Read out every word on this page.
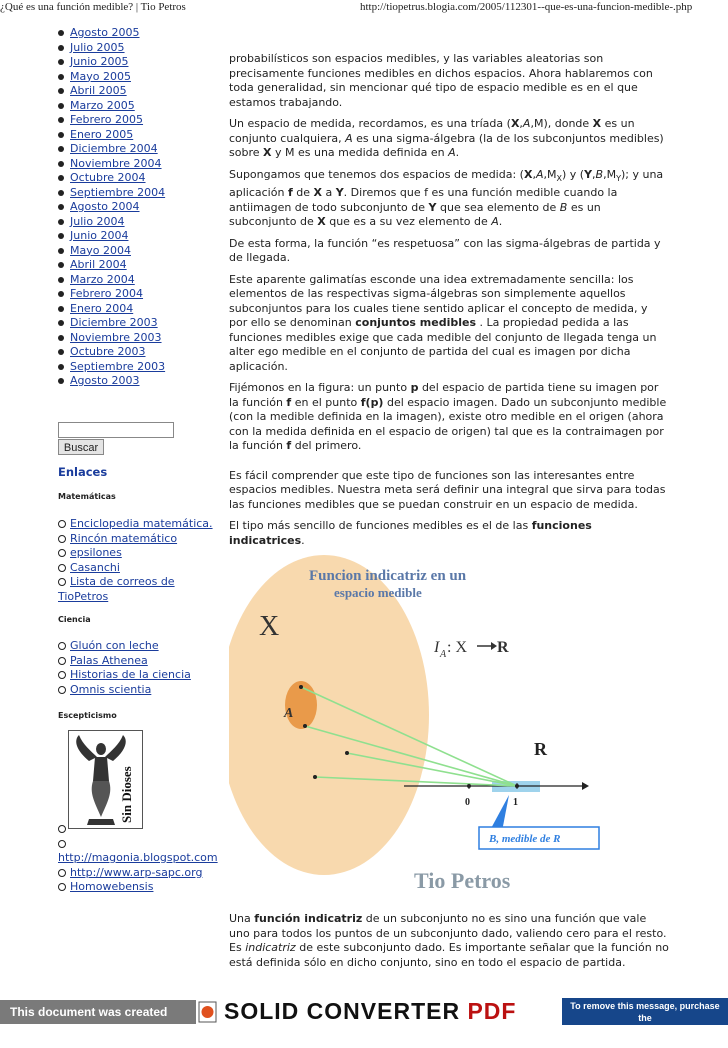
¿Qué es una función medible? | Tio Petros	http://tiopetrus.blogia.com/2005/112301--que-es-una-funcion-medible-.php
Agosto 2005
Julio 2005
Junio 2005
Mayo 2005
Abril 2005
Marzo 2005
Febrero 2005
Enero 2005
Diciembre 2004
Noviembre 2004
Octubre 2004
Septiembre 2004
Agosto 2004
Julio 2004
Junio 2004
Mayo 2004
Abril 2004
Marzo 2004
Febrero 2004
Enero 2004
Diciembre 2003
Noviembre 2003
Octubre 2003
Septiembre 2003
Agosto 2003
Buscar
Enlaces
Matemáticas
Enciclopedia matemática.
Rincón matemático
epsilones
Casanchi
Lista de correos de
TioPetros
Ciencia
Gluón con leche
Palas Athenea
Historias de la ciencia
Omnis scientia
Escepticismo
Sin Dioses
http://magonia.blogspot.com
http://www.arp-sapc.org
Homowebensis

probabilísticos son espacios medibles, y las variables aleatorias son precisamente funciones medibles en dichos espacios. Ahora hablaremos con toda generalidad, sin mencionar qué tipo de espacio medible es en el que estamos trabajando.

Un espacio de medida, recordamos, es una tríada (X,A,M), donde X es un conjunto cualquiera, A es una sigma-álgebra (la de los subconjuntos medibles) sobre X y M es una medida definida en A.

Supongamos que tenemos dos espacios de medida: $(X,A,M_X)$ y $(Y,B,M_Y)$; y una aplicación f de X a Y. Diremos que f es una función medible cuando la antiimagen de todo subconjunto de Y que sea elemento de B es un subconjunto de X que es a su vez elemento de A.

De esta forma, la función “es respetuosa” con las sigma-álgebras de partida y de llegada.

Este aparente galimatías esconde una idea extremadamente sencilla: los elementos de las respectivas sigma-álgebras son simplemente aquellos subconjuntos para los cuales tiene sentido aplicar el concepto de medida, y por ello se denominan conjuntos medibles . La propiedad pedida a las funciones medibles exige que cada medible del conjunto de llegada tenga un alter ego medible en el conjunto de partida del cual es imagen por dicha aplicación.

Fijémonos en la figura: un punto p del espacio de partida tiene su imagen por la función f en el punto f(p) del espacio imagen. Dado un subconjunto medible (con la medible definida en la imagen), existe otro medible en el origen (ahora con la medida definida en el espacio de origen) tal que es la contraimagen por la función f del primero.

Es fácil comprender que este tipo de funciones son las interesantes entre espacios medibles. Nuestra meta será definir una integral que sirva para todas las funciones medibles que se puedan construir en un espacio de medida.

El tipo más sencillo de funciones medibles es el de las funciones indicatrices.

Funcion indicatriz en un
espacio medible
X
A
I A : X R
R
0	1
B, medible de R
Tio Petros

Una función indicatriz de un subconjunto no es sino una función que vale uno para todos los puntos de un subconjunto dado, valiendo cero para el resto. Es indicatriz de este subconjunto dado. Es importante señalar que la función no está definida sólo en dicho conjunto, sino en todo el espacio de partida.

This document was created using
SOLID CONVERTER PDF	To remove this message, purchase the
product at www.SolidDocuments.com
